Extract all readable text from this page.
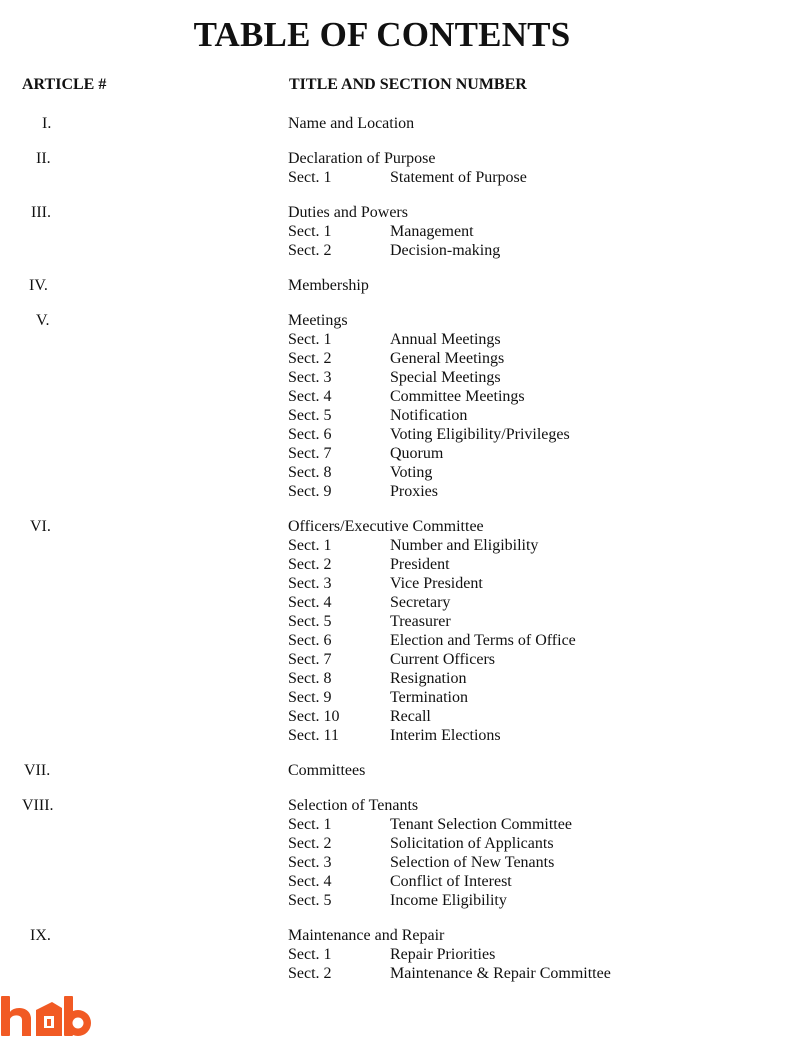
TABLE OF CONTENTS
ARTICLE #	TITLE AND SECTION NUMBER
I.	Name and Location
II.	Declaration of Purpose
Sect. 1	Statement of Purpose
III.	Duties and Powers
Sect. 1	Management
Sect. 2	Decision-making
IV.	Membership
V.	Meetings
Sect. 1	Annual Meetings
Sect. 2	General Meetings
Sect. 3	Special Meetings
Sect. 4	Committee Meetings
Sect. 5	Notification
Sect. 6	Voting Eligibility/Privileges
Sect. 7	Quorum
Sect. 8	Voting
Sect. 9	Proxies
VI.	Officers/Executive Committee
Sect. 1	Number and Eligibility
Sect. 2	President
Sect. 3	Vice President
Sect. 4	Secretary
Sect. 5	Treasurer
Sect. 6	Election and Terms of Office
Sect. 7	Current Officers
Sect. 8	Resignation
Sect. 9	Termination
Sect. 10	Recall
Sect. 11	Interim Elections
VII.	Committees
VIII.	Selection of Tenants
Sect. 1	Tenant Selection Committee
Sect. 2	Solicitation of Applicants
Sect. 3	Selection of New Tenants
Sect. 4	Conflict of Interest
Sect. 5	Income Eligibility
IX.	Maintenance and Repair
Sect. 1	Repair Priorities
Sect. 2	Maintenance & Repair Committee
